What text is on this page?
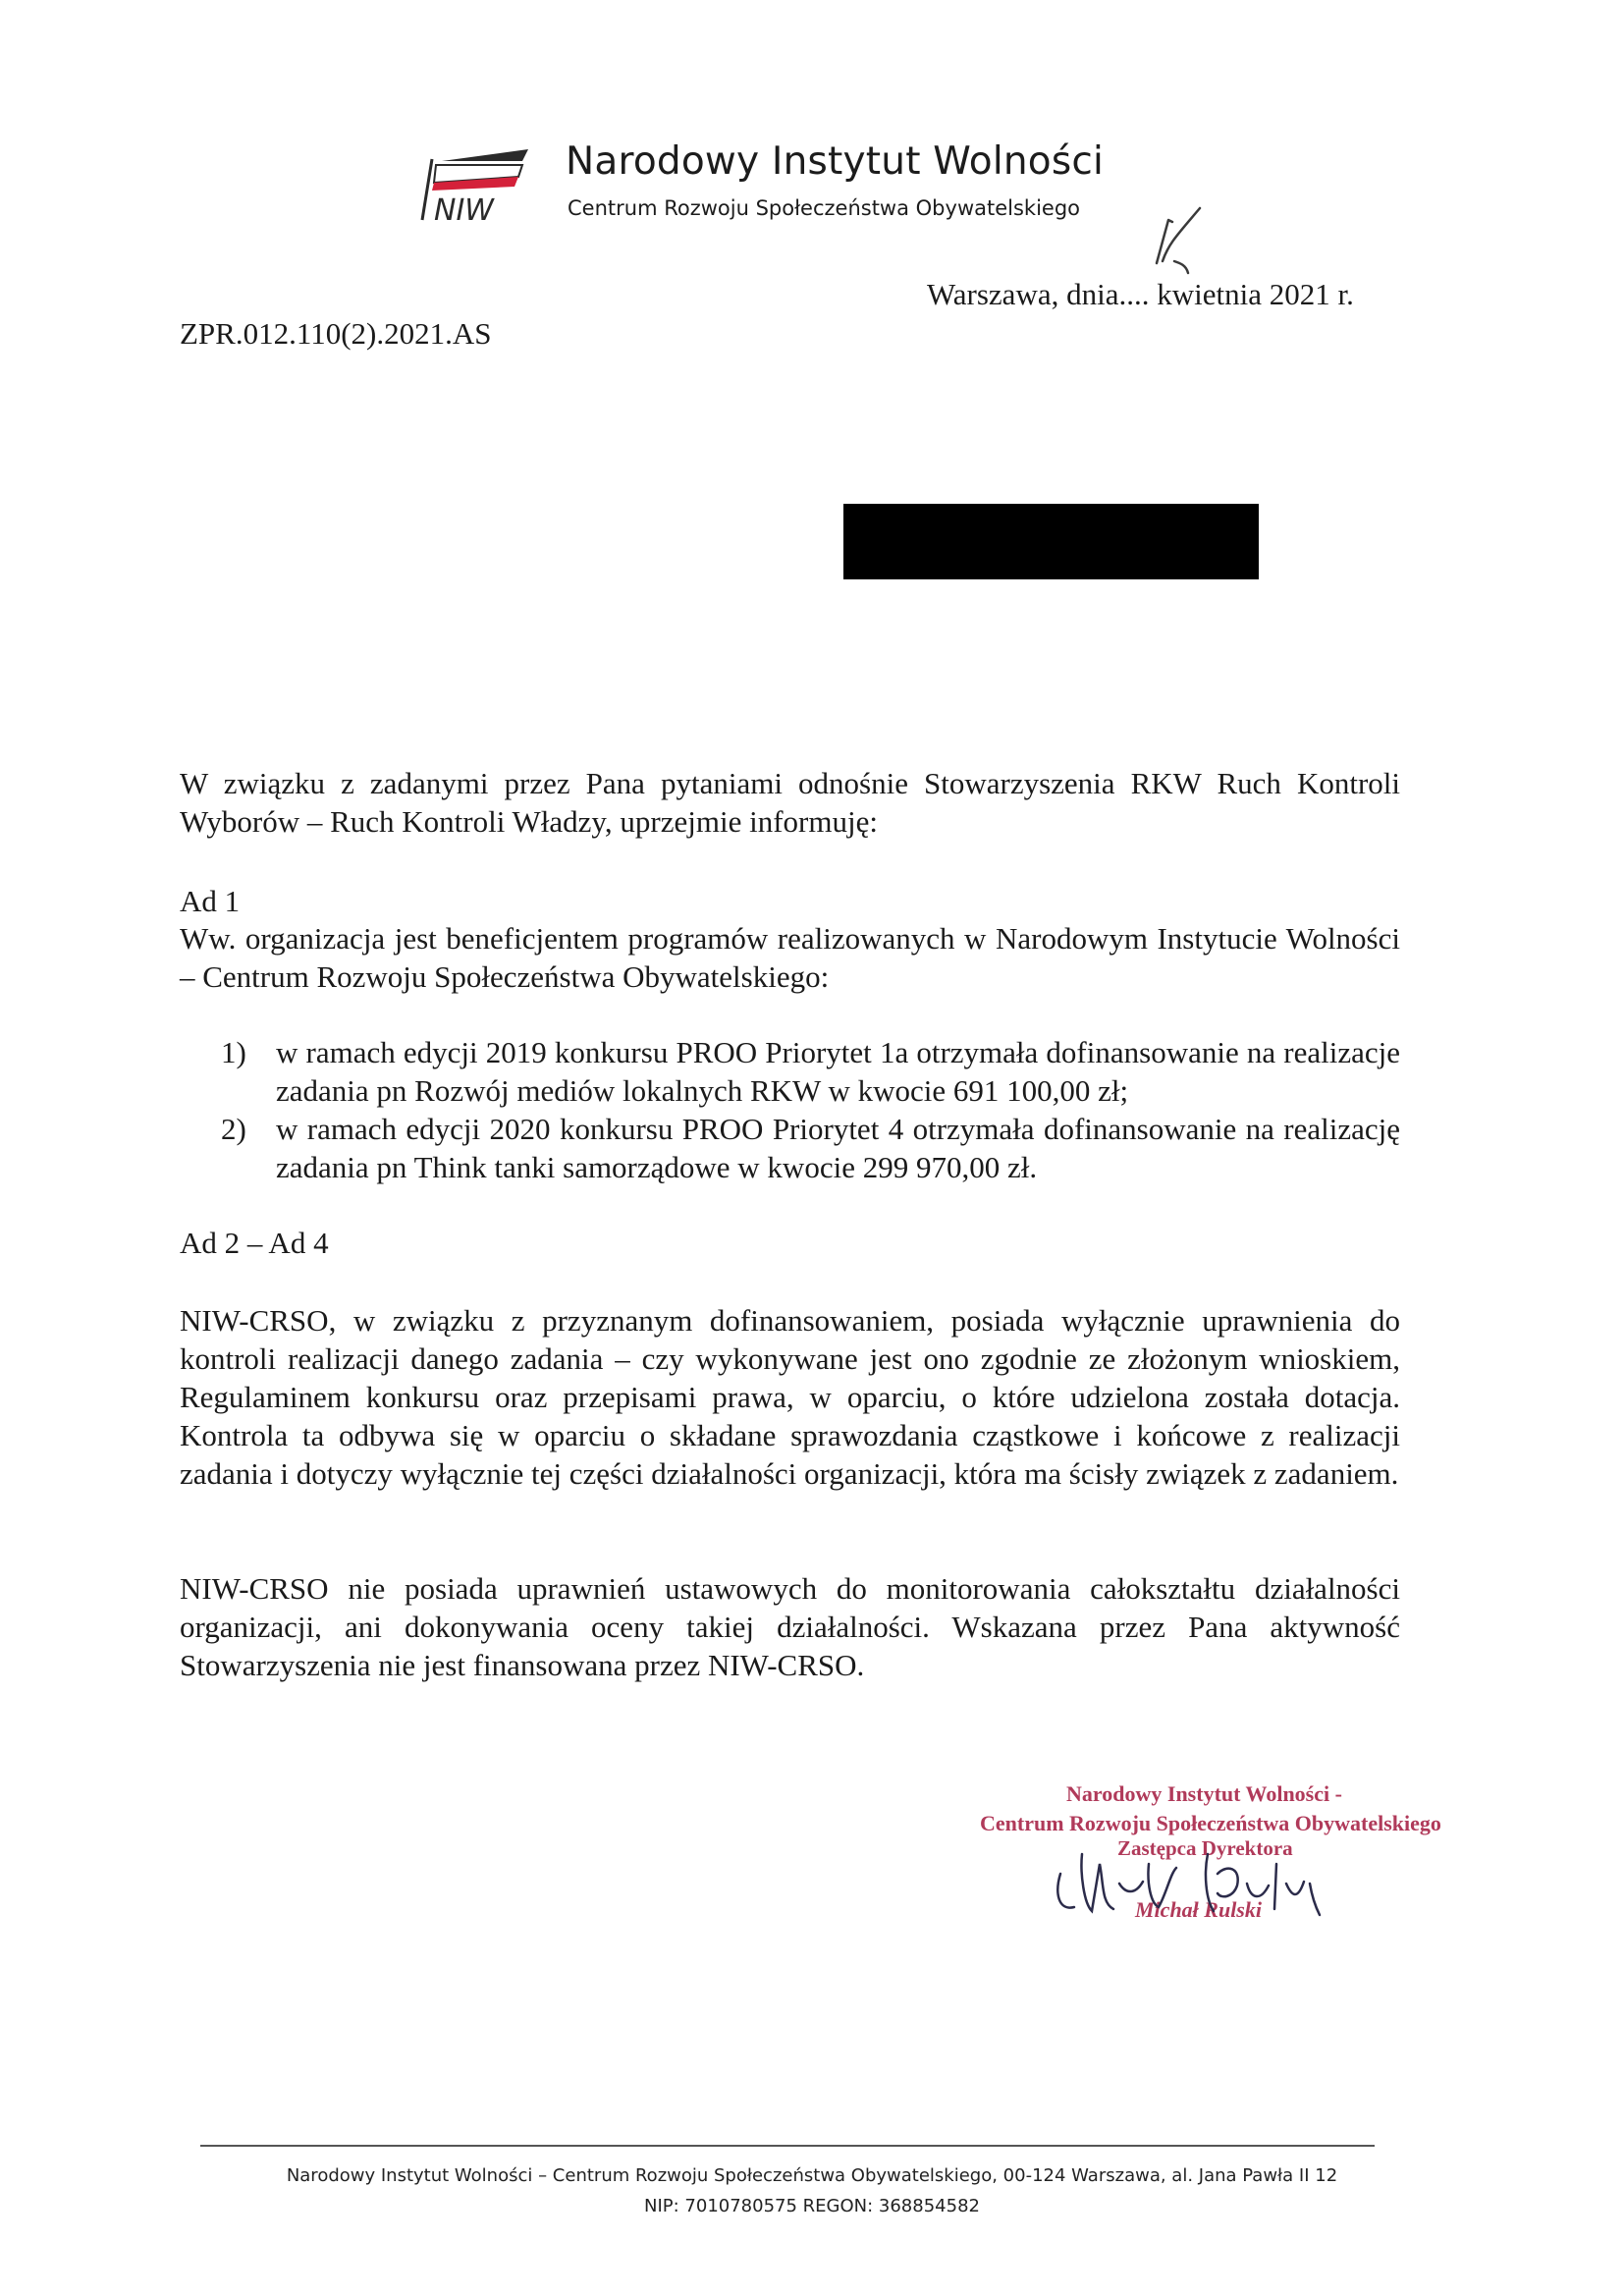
NIW
Narodowy Instytut Wolności
Centrum Rozwoju Społeczeństwa Obywatelskiego
ZPR.012.110(2).2021.AS
Warszawa, dnia.... kwietnia 2021 r.
W związku z zadanymi przez Pana pytaniami odnośnie Stowarzyszenia RKW Ruch Kontroli Wyborów – Ruch Kontroli Władzy, uprzejmie informuję:
Ad 1
Ww. organizacja jest beneficjentem programów realizowanych w Narodowym Instytucie Wolności – Centrum Rozwoju Społeczeństwa Obywatelskiego:
1) w ramach edycji 2019 konkursu PROO Priorytet 1a otrzymała dofinansowanie na realizacje zadania pn Rozwój mediów lokalnych RKW w kwocie 691 100,00 zł;
2) w ramach edycji 2020 konkursu PROO Priorytet 4 otrzymała dofinansowanie na realizację zadania pn Think tanki samorządowe w kwocie 299 970,00 zł.
Ad 2 – Ad 4
NIW-CRSO, w związku z przyznanym dofinansowaniem, posiada wyłącznie uprawnienia do kontroli realizacji danego zadania – czy wykonywane jest ono zgodnie ze złożonym wnioskiem, Regulaminem konkursu oraz przepisami prawa, w oparciu, o które udzielona została dotacja. Kontrola ta odbywa się w oparciu o składane sprawozdania cząstkowe i końcowe z realizacji zadania i dotyczy wyłącznie tej części działalności organizacji, która ma ścisły związek z zadaniem.
NIW-CRSO nie posiada uprawnień ustawowych do monitorowania całokształtu działalności organizacji, ani dokonywania oceny takiej działalności. Wskazana przez Pana aktywność Stowarzyszenia nie jest finansowana przez NIW-CRSO.
Narodowy Instytut Wolności -
Centrum Rozwoju Społeczeństwa Obywatelskiego
Zastępca Dyrektora
Michał Rulski
Narodowy Instytut Wolności – Centrum Rozwoju Społeczeństwa Obywatelskiego, 00-124 Warszawa, al. Jana Pawła II 12
NIP: 7010780575 REGON: 368854582
